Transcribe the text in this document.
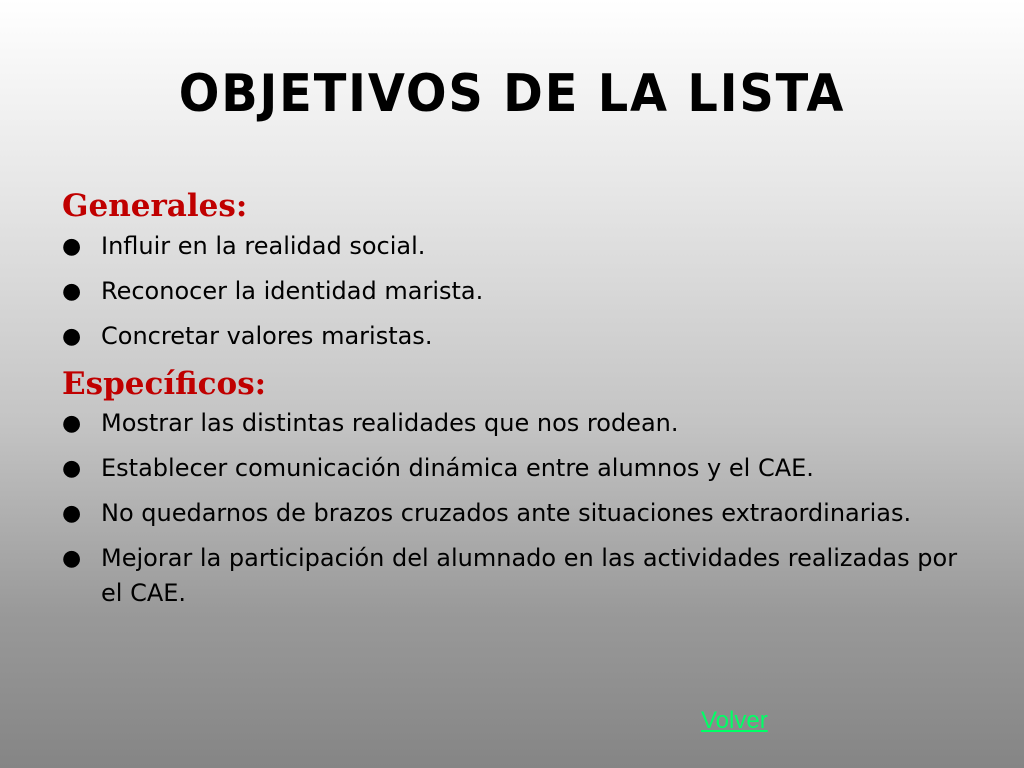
OBJETIVOS DE LA LISTA
Generales:
● Influir en la realidad social.
● Reconocer la identidad marista.
● Concretar valores maristas.
Específicos:
● Mostrar las distintas realidades que nos rodean.
● Establecer comunicación dinámica entre alumnos y el CAE.
● No quedarnos de brazos cruzados ante situaciones extraordinarias.
● Mejorar la participación del alumnado en las actividades realizadas por el CAE.
Volver
